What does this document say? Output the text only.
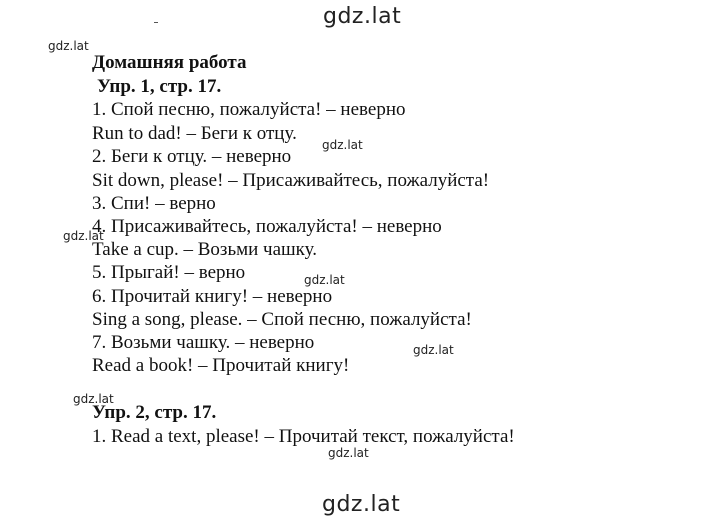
gdz.lat
gdz.lat
Домашняя работа
Упр. 1, стр. 17.
1. Спой песню, пожалуйста! – неверно
Run to dad! – Беги к отцу.
gdz.lat
2. Беги к отцу. – неверно
Sit down, please! – Присаживайтесь, пожалуйста!
3. Спи! – верно
4. Присаживайтесь, пожалуйста! – неверно
gdz.lat
Take a cup. – Возьми чашку.
5. Прыгай! – верно	gdz.lat
6. Прочитай книгу! – неверно
Sing a song, please. – Спой песню, пожалуйста!
7. Возьми чашку. – неверно	gdz.lat
Read a book! – Прочитай книгу!
gdz.lat
Упр. 2, стр. 17.
1. Read a text, please! – Прочитай текст, пожалуйста!
gdz.lat
gdz.lat
